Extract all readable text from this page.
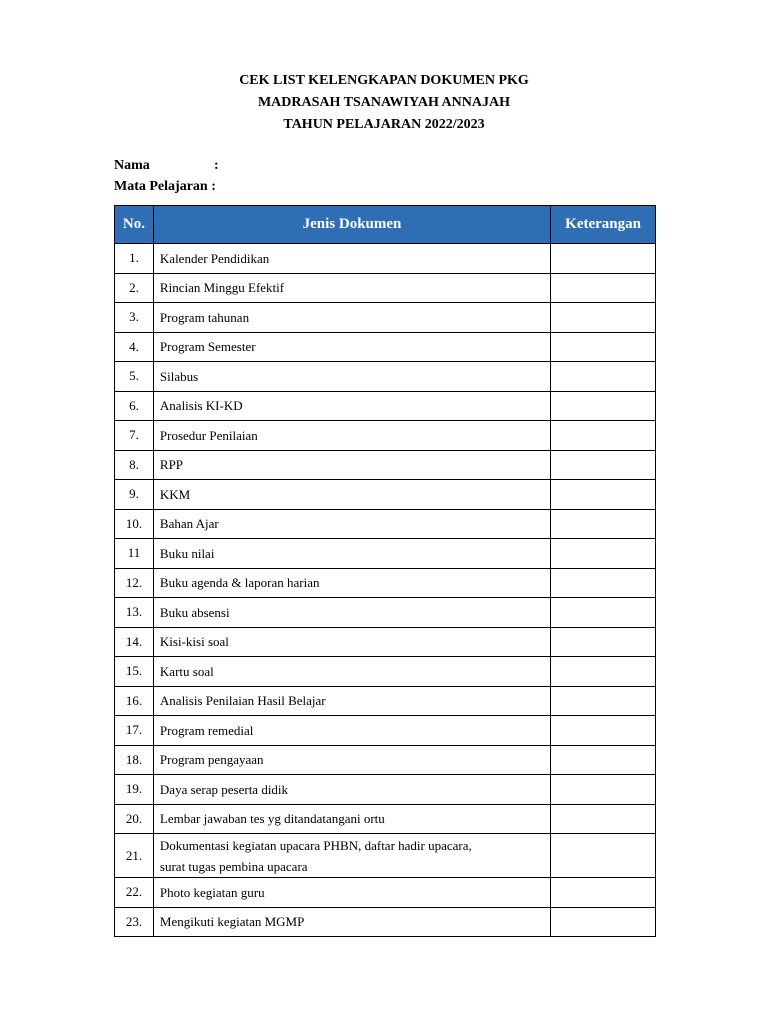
CEK LIST KELENGKAPAN DOKUMEN PKG
MADRASAH TSANAWIYAH ANNAJAH
TAHUN PELAJARAN 2022/2023
Nama	:
Mata Pelajaran :
No.	Jenis Dokumen	Keterangan
1.	Kalender Pendidikan	
2.	Rincian Minggu Efektif	
3.	Program tahunan	
4.	Program Semester	
5.	Silabus	
6.	Analisis KI-KD	
7.	Prosedur Penilaian	
8.	RPP	
9.	KKM	
10.	Bahan Ajar	
11	Buku nilai	
12.	Buku agenda & laporan harian	
13.	Buku absensi	
14.	Kisi-kisi soal	
15.	Kartu soal	
16.	Analisis Penilaian Hasil Belajar	
17.	Program remedial	
18.	Program pengayaan	
19.	Daya serap peserta didik	
20.	Lembar jawaban tes yg ditandatangani ortu	
21.	Dokumentasi kegiatan upacara PHBN, daftar hadir upacara,
surat tugas pembina upacara	
22.	Photo kegiatan guru	
23.	Mengikuti kegiatan MGMP	
